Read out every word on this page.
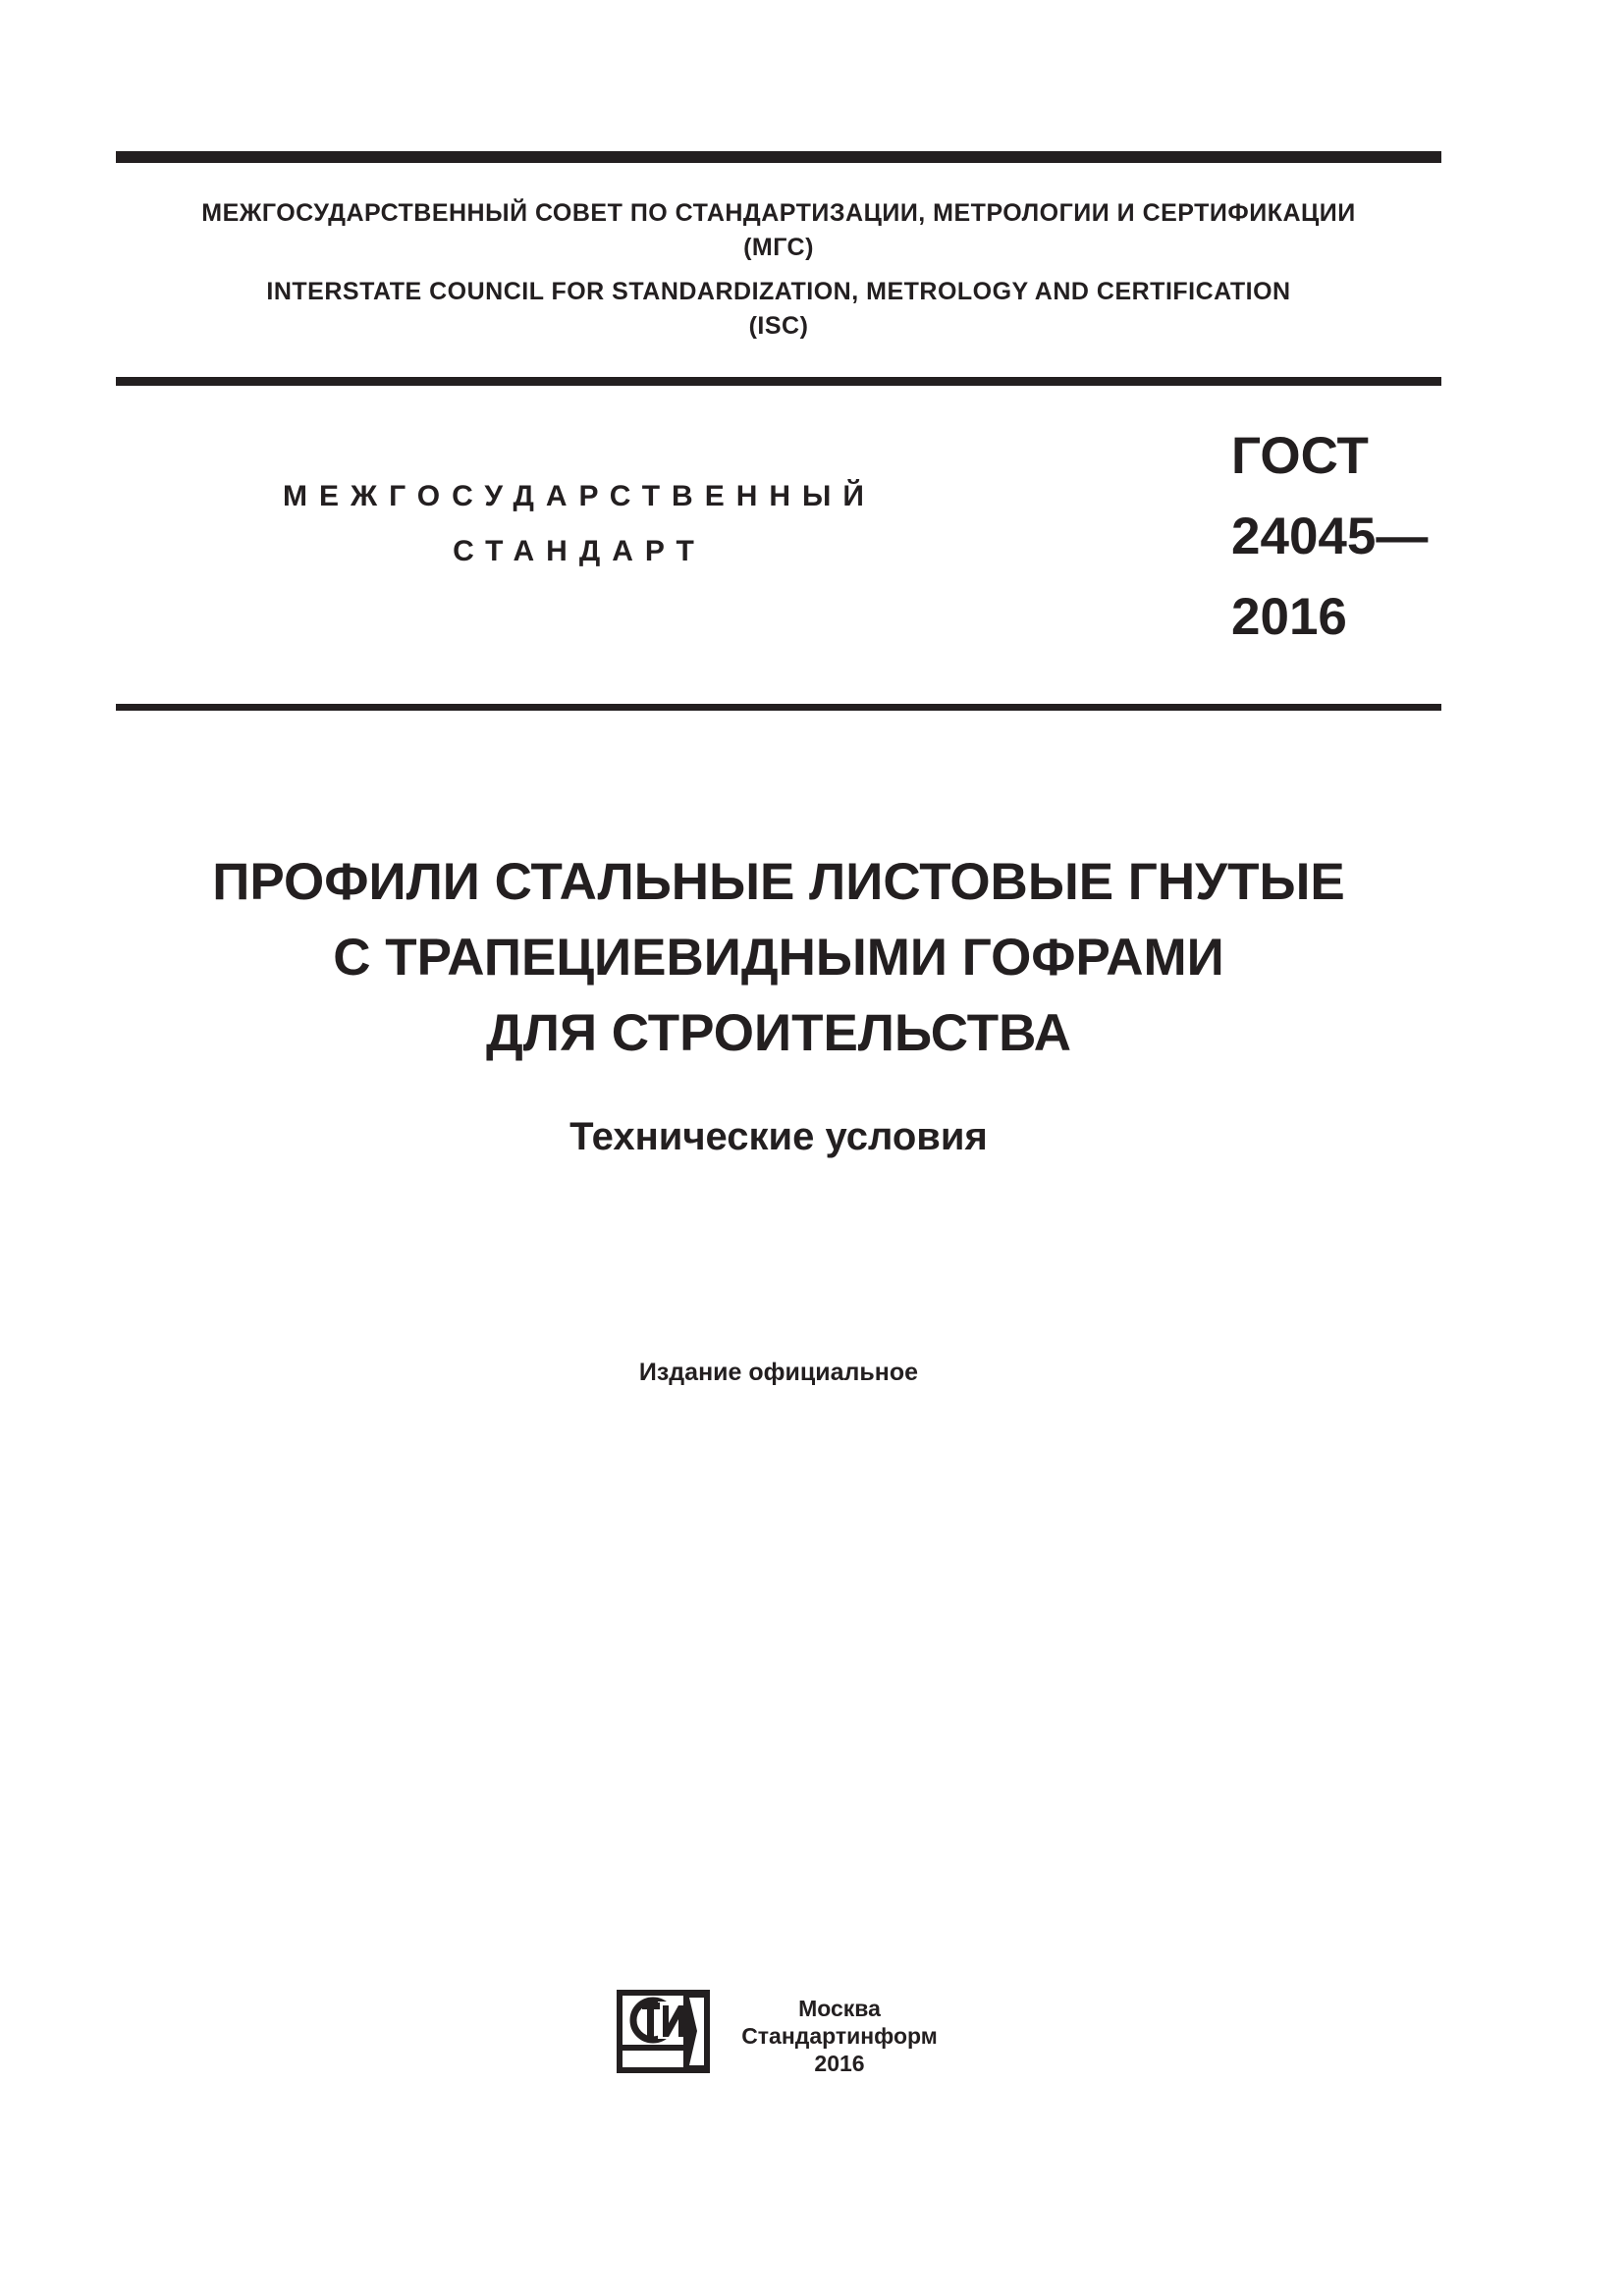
МЕЖГОСУДАРСТВЕННЫЙ СОВЕТ ПО СТАНДАРТИЗАЦИИ, МЕТРОЛОГИИ И СЕРТИФИКАЦИИ
(МГС)
INTERSTATE COUNCIL FOR STANDARDIZATION, METROLOGY AND CERTIFICATION
(ISC)
МЕЖГОСУДАРСТВЕННЫЙ
СТАНДАРТ
ГОСТ
24045—
2016
ПРОФИЛИ СТАЛЬНЫЕ ЛИСТОВЫЕ ГНУТЫЕ
С ТРАПЕЦИЕВИДНЫМИ ГОФРАМИ
ДЛЯ СТРОИТЕЛЬСТВА
Технические условия
Издание официальное
Москва
Стандартинформ
2016
